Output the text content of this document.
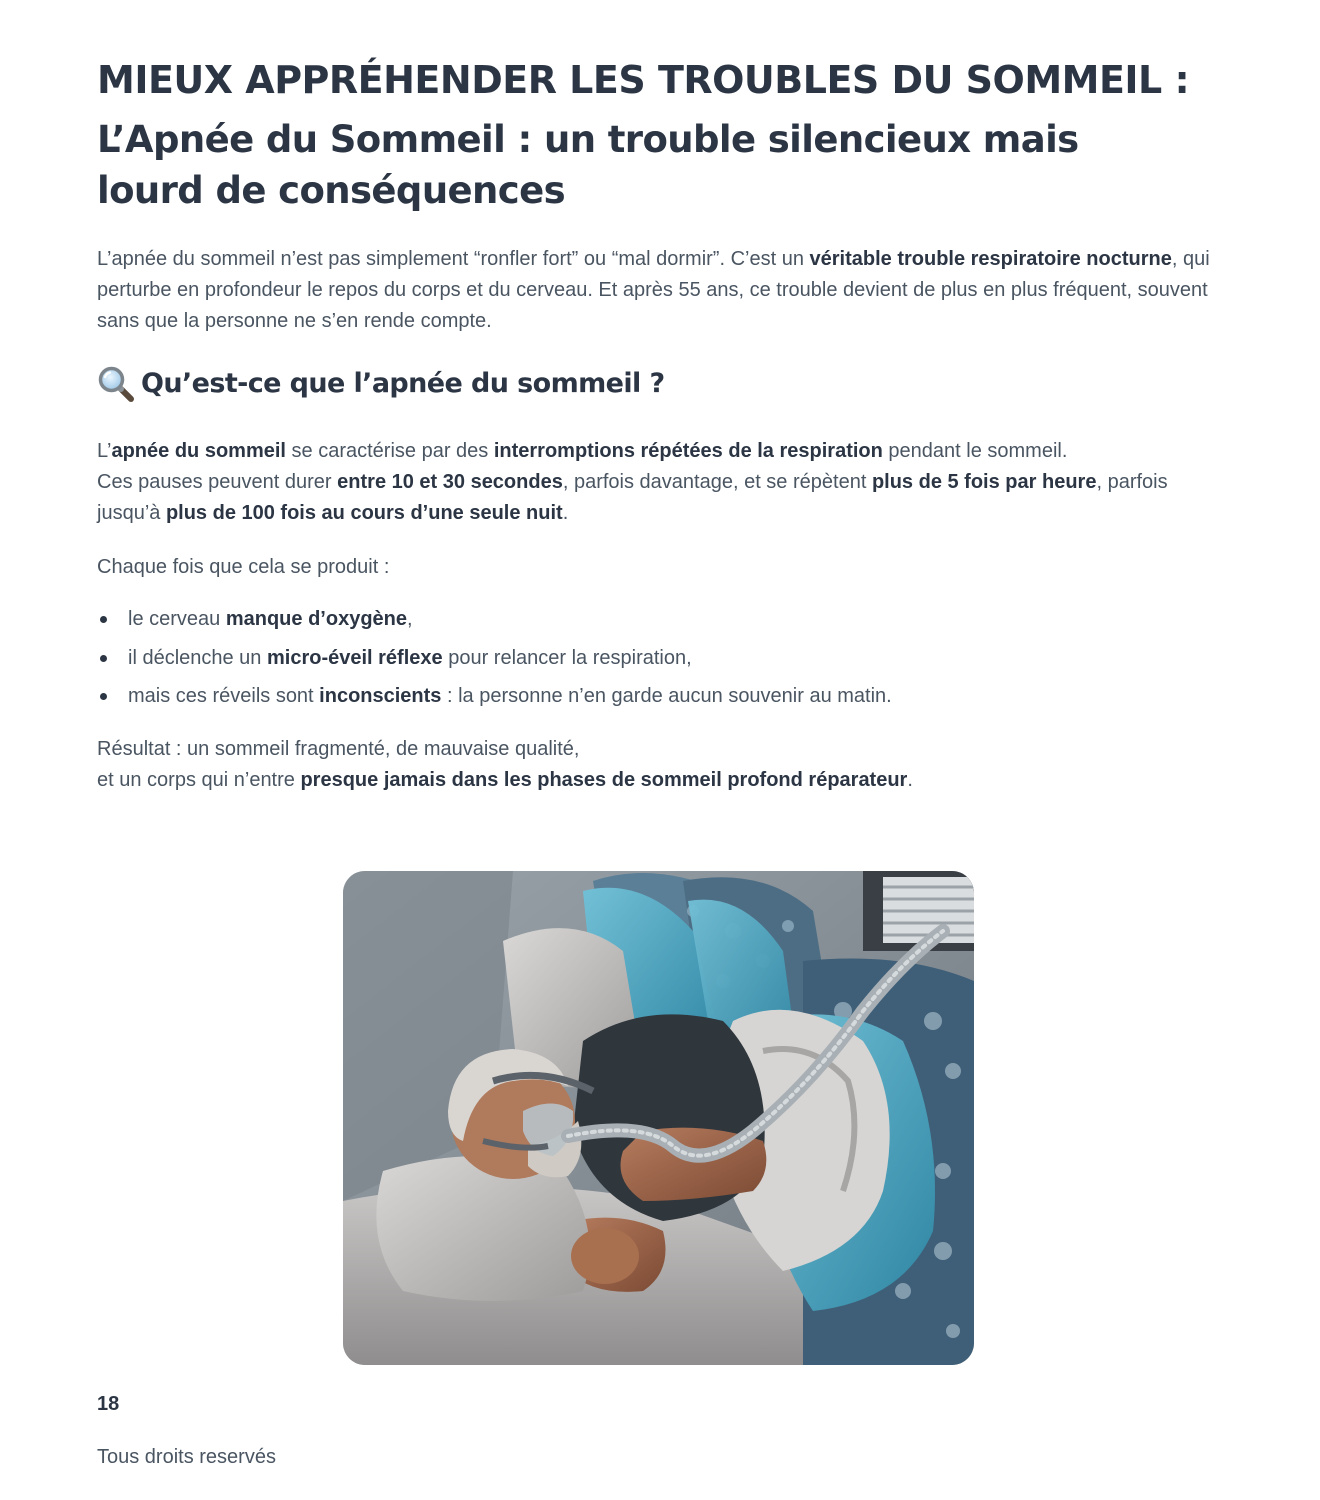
MIEUX APPRÉHENDER LES TROUBLES DU SOMMEIL :
L’Apnée du Sommeil : un trouble silencieux mais lourd de conséquences

L’apnée du sommeil n’est pas simplement “ronfler fort” ou “mal dormir”. C’est un véritable trouble respiratoire nocturne, qui perturbe en profondeur le repos du corps et du cerveau. Et après 55 ans, ce trouble devient de plus en plus fréquent, souvent sans que la personne ne s’en rende compte.

Qu’est-ce que l’apnée du sommeil ?

L’apnée du sommeil se caractérise par des interromptions répétées de la respiration pendant le sommeil.
Ces pauses peuvent durer entre 10 et 30 secondes, parfois davantage, et se répètent plus de 5 fois par heure, parfois jusqu’à plus de 100 fois au cours d’une seule nuit.

Chaque fois que cela se produit :

le cerveau manque d’oxygène,
il déclenche un micro-éveil réflexe pour relancer la respiration,
mais ces réveils sont inconscients : la personne n’en garde aucun souvenir au matin.

Résultat : un sommeil fragmenté, de mauvaise qualité,
et un corps qui n’entre presque jamais dans les phases de sommeil profond réparateur.

18

Tous droits reservés
